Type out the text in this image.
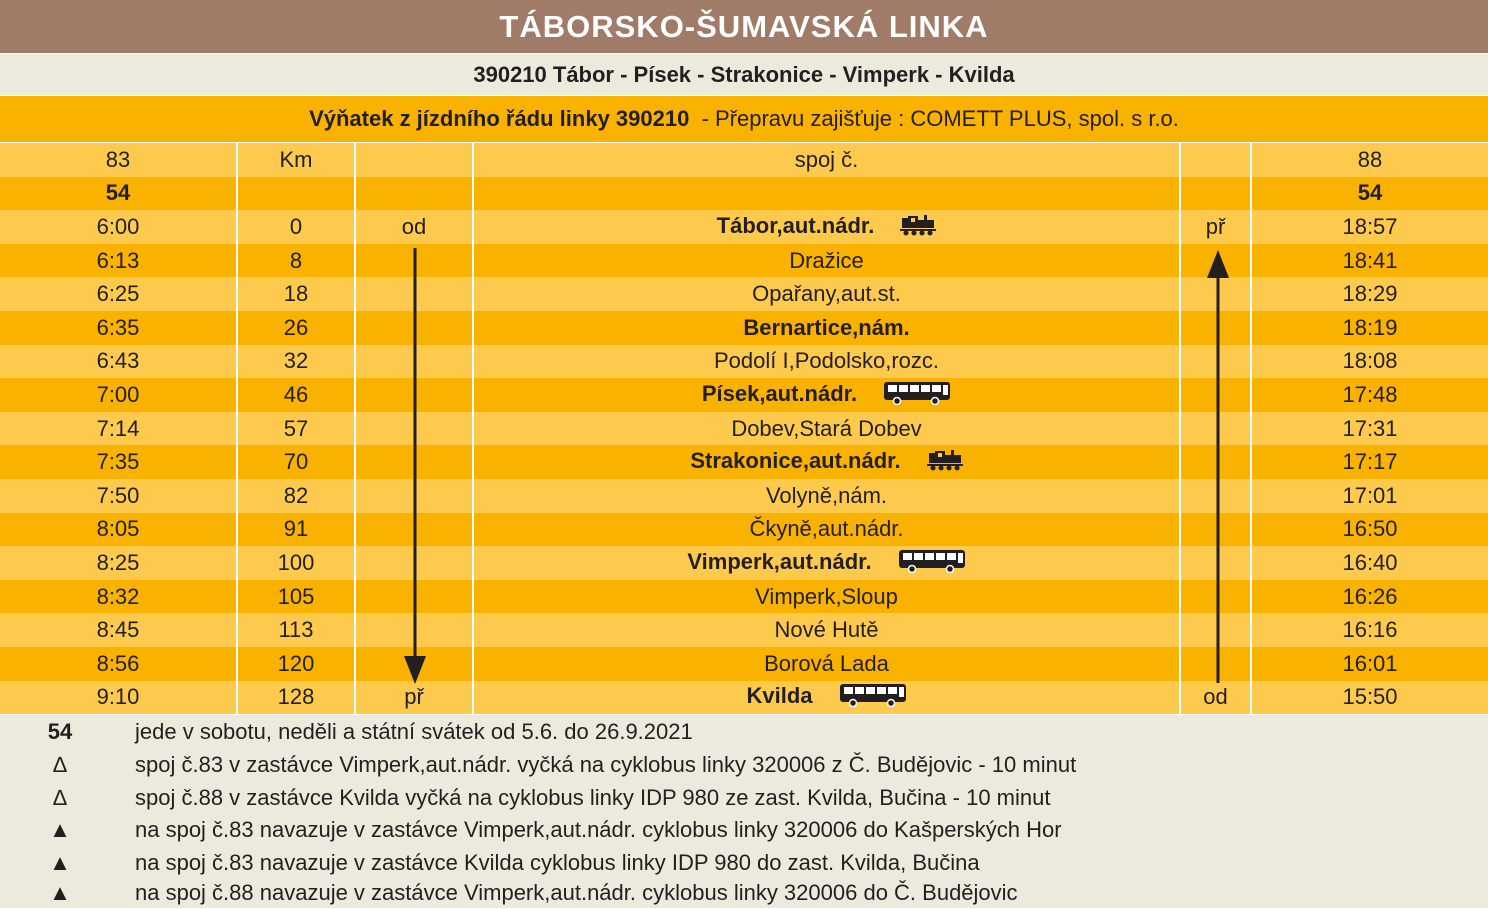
TÁBORSKO-ŠUMAVSKÁ LINKA
390210 Tábor - Písek - Strakonice - Vimperk - Kvilda
Výňatek z jízdního řádu linky 390210 - Přepravu zajišťuje : COMETT PLUS, spol. s r.o.
83	Km		spoj č.		88
54					54
6:00	0	od	Tábor,aut.nádr.	př	18:57
6:13	8		Dražice		18:41
6:25	18		Opařany,aut.st.		18:29
6:35	26		Bernartice,nám.		18:19
6:43	32		Podolí I,Podolsko,rozc.		18:08
7:00	46		Písek,aut.nádr.		17:48
7:14	57		Dobev,Stará Dobev		17:31
7:35	70		Strakonice,aut.nádr.		17:17
7:50	82		Volyně,nám.		17:01
8:05	91		Čkyně,aut.nádr.		16:50
8:25	100		Vimperk,aut.nádr.		16:40
8:32	105		Vimperk,Sloup		16:26
8:45	113		Nové Hutě		16:16
8:56	120		Borová Lada		16:01
9:10	128	př	Kvilda	od	15:50
54	jede v sobotu, neděli a státní svátek od 5.6. do 26.9.2021
∆	spoj č.83 v zastávce Vimperk,aut.nádr. vyčká na cyklobus linky 320006 z Č. Budějovic - 10 minut
∆	spoj č.88 v zastávce Kvilda vyčká na cyklobus linky IDP 980 ze zast. Kvilda, Bučina - 10 minut
▲	na spoj č.83 navazuje v zastávce Vimperk,aut.nádr. cyklobus linky 320006 do Kašperských Hor
▲	na spoj č.83 navazuje v zastávce Kvilda cyklobus linky IDP 980 do zast. Kvilda, Bučina
▲	na spoj č.88 navazuje v zastávce Vimperk,aut.nádr. cyklobus linky 320006 do Č. Budějovic
